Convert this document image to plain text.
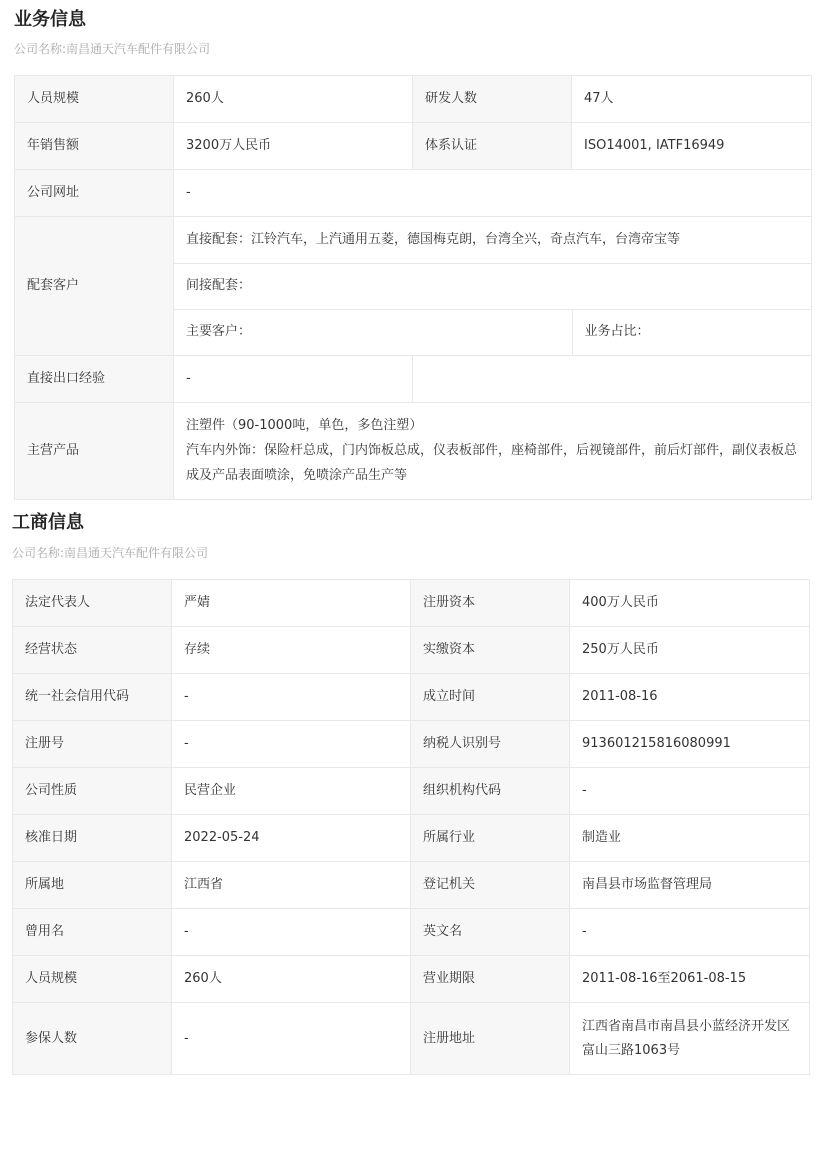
业务信息
公司名称:南昌通天汽车配件有限公司
人员规模	260人	研发人数	47人
年销售额	3200万人民币	体系认证	ISO14001, IATF16949
公司网址	-
配套客户	
直接配套：江铃汽车，上汽通用五菱，德国梅克朗，台湾全兴，奇点汽车，台湾帝宝等
间接配套：
主要客户：	业务占比：

直接出口经验	-	
主营产品	
注塑件（90-1000吨，单色，多色注塑）
汽车内外饰：保险杆总成，门内饰板总成，仪表板部件，座椅部件，后视镜部件，前后灯部件，副仪表板总成及产品表面喷涂，免喷涂产品生产等
工商信息
公司名称:南昌通天汽车配件有限公司
法定代表人	严婧	注册资本	400万人民币
经营状态	存续	实缴资本	250万人民币
统一社会信用代码	-	成立时间	2011-08-16
注册号	-	纳税人识别号	913601215816080991
公司性质	民营企业	组织机构代码	-
核准日期	2022-05-24	所属行业	制造业
所属地	江西省	登记机关	南昌县市场监督管理局
曾用名	-	英文名	-
人员规模	260人	营业期限	2011-08-16至2061-08-15
参保人数	-	注册地址	江西省南昌市南昌县小蓝经济开发区富山三路1063号
